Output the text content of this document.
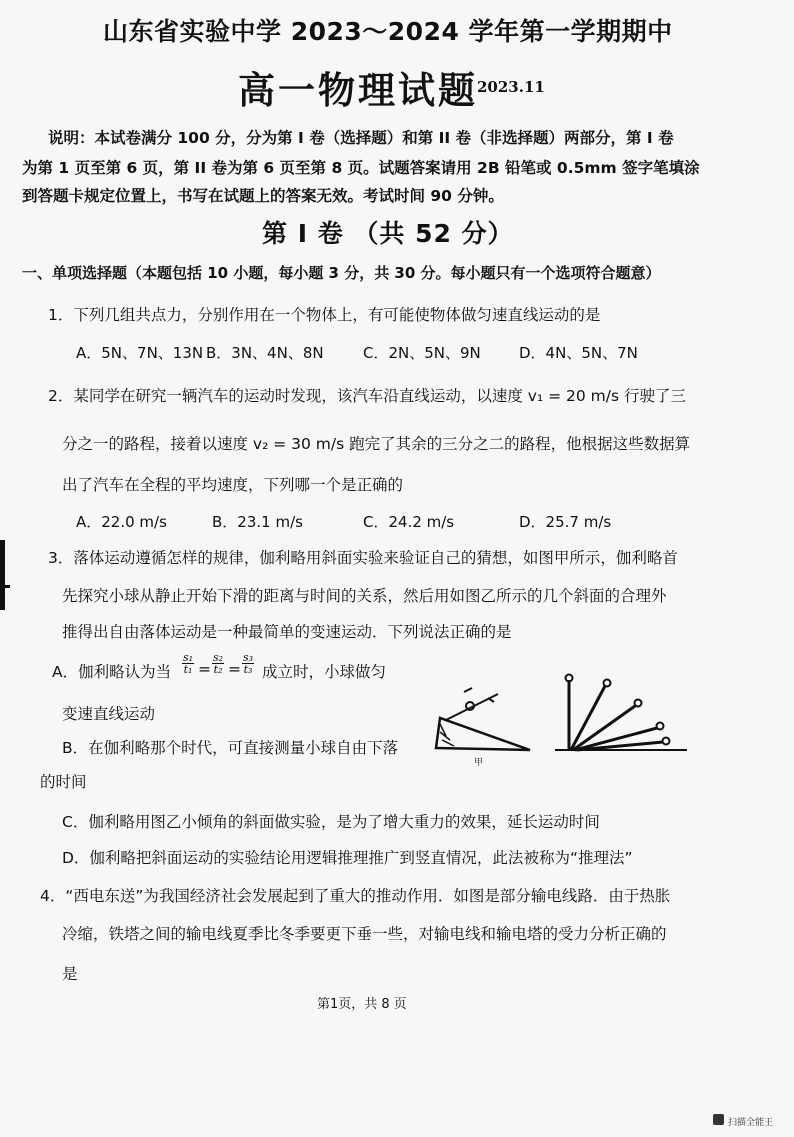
山东省实验中学 2023～2024 学年第一学期期中
高一物理试题 2023.11
说明：本试卷满分 100 分，分为第 I 卷（选择题）和第 II 卷（非选择题）两部分，第 I 卷
为第 1 页至第 6 页，第 II 卷为第 6 页至第 8 页。试题答案请用 2B 铅笔或 0.5mm 签字笔填涂
到答题卡规定位置上，书写在试题上的答案无效。考试时间 90 分钟。
第 I 卷 （共 52 分）
一、单项选择题（本题包括 10 小题，每小题 3 分，共 30 分。每小题只有一个选项符合题意）
1．下列几组共点力，分别作用在一个物体上，有可能使物体做匀速直线运动的是
A．5N、7N、13N B．3N、4N、8N	C．2N、5N、9N	D．4N、5N、7N
2．某同学在研究一辆汽车的运动时发现，该汽车沿直线运动，以速度 v₁ = 20 m/s 行驶了三
分之一的路程，接着以速度 v₂ = 30 m/s 跑完了其余的三分之二的路程，他根据这些数据算
出了汽车在全程的平均速度，下列哪一个是正确的
A．22.0 m/s	B．23.1 m/s	C．24.2 m/s	D．25.7 m/s
3．落体运动遵循怎样的规律，伽利略用斜面实验来验证自己的猜想，如图甲所示，伽利略首
先探究小球从静止开始下滑的距离与时间的关系，然后用如图乙所示的几个斜面的合理外
推得出自由落体运动是一种最简单的变速运动．下列说法正确的是
A．伽利略认为当 $\frac{\text{s₁}}{\text{t₁}} = \frac{\text{s₂}}{\text{t₂}} = \frac{\text{s₃}}{\text{t₃}}$ 成立时，小球做匀
变速直线运动
B．在伽利略那个时代，可直接测量小球自由下落
的时间
C．伽利略用图乙小倾角的斜面做实验，是为了增大重力的效果，延长运动时间
D．伽利略把斜面运动的实验结论用逻辑推理推广到竖直情况，此法被称为“推理法”
甲
4．“西电东送”为我国经济社会发展起到了重大的推动作用．如图是部分输电线路．由于热胀
冷缩，铁塔之间的输电线夏季比冬季要更下垂一些，对输电线和输电塔的受力分析正确的
是
第1页，共 8 页
扫描全能王
